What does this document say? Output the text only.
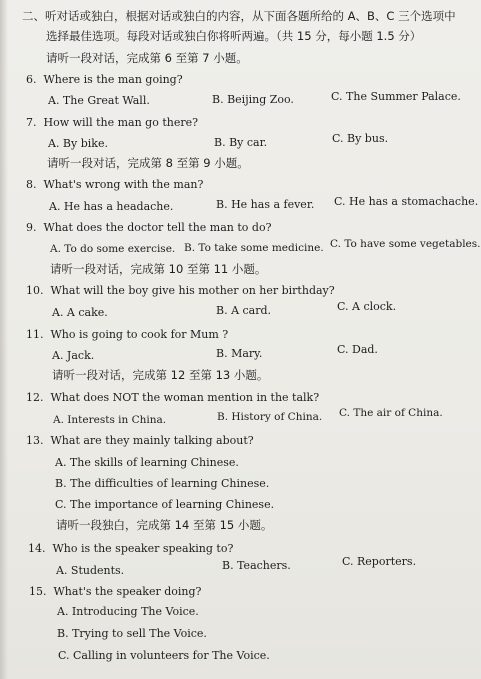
二、听对话或独白，根据对话或独白的内容，从下面各题所给的 A、B、C 三个选项中
选择最佳选项。每段对话或独白你将听两遍。（共 15 分，每小题 1.5 分）
请听一段对话，完成第 6 至第 7 小题。
6. Where is the man going?
A. The Great Wall.	B. Beijing Zoo.	C. The Summer Palace.
7. How will the man go there?
A. By bike.	B. By car.	C. By bus.
请听一段对话，完成第 8 至第 9 小题。
8. What's wrong with the man?
A. He has a headache.	B. He has a fever. C. He has a stomachache.
9. What does the doctor tell the man to do?
A. To do some exercise. B. To take some medicine. C. To have some vegetables.
请听一段对话，完成第 10 至第 11 小题。
10. What will the boy give his mother on her birthday?
A. A cake.	B. A card.	C. A clock.
11. Who is going to cook for Mum ?
A. Jack.	B. Mary.	C. Dad.
请听一段对话，完成第 12 至第 13 小题。
12. What does NOT the woman mention in the talk?
A. Interests in China.	B. History of China. C. The air of China.
13. What are they mainly talking about?
A. The skills of learning Chinese.
B. The difficulties of learning Chinese.
C. The importance of learning Chinese.
请听一段独白，完成第 14 至第 15 小题。
14. Who is the speaker speaking to?
A. Students.	B. Teachers.	C. Reporters.
15. What's the speaker doing?
A. Introducing The Voice.
B. Trying to sell The Voice.
C. Calling in volunteers for The Voice.
